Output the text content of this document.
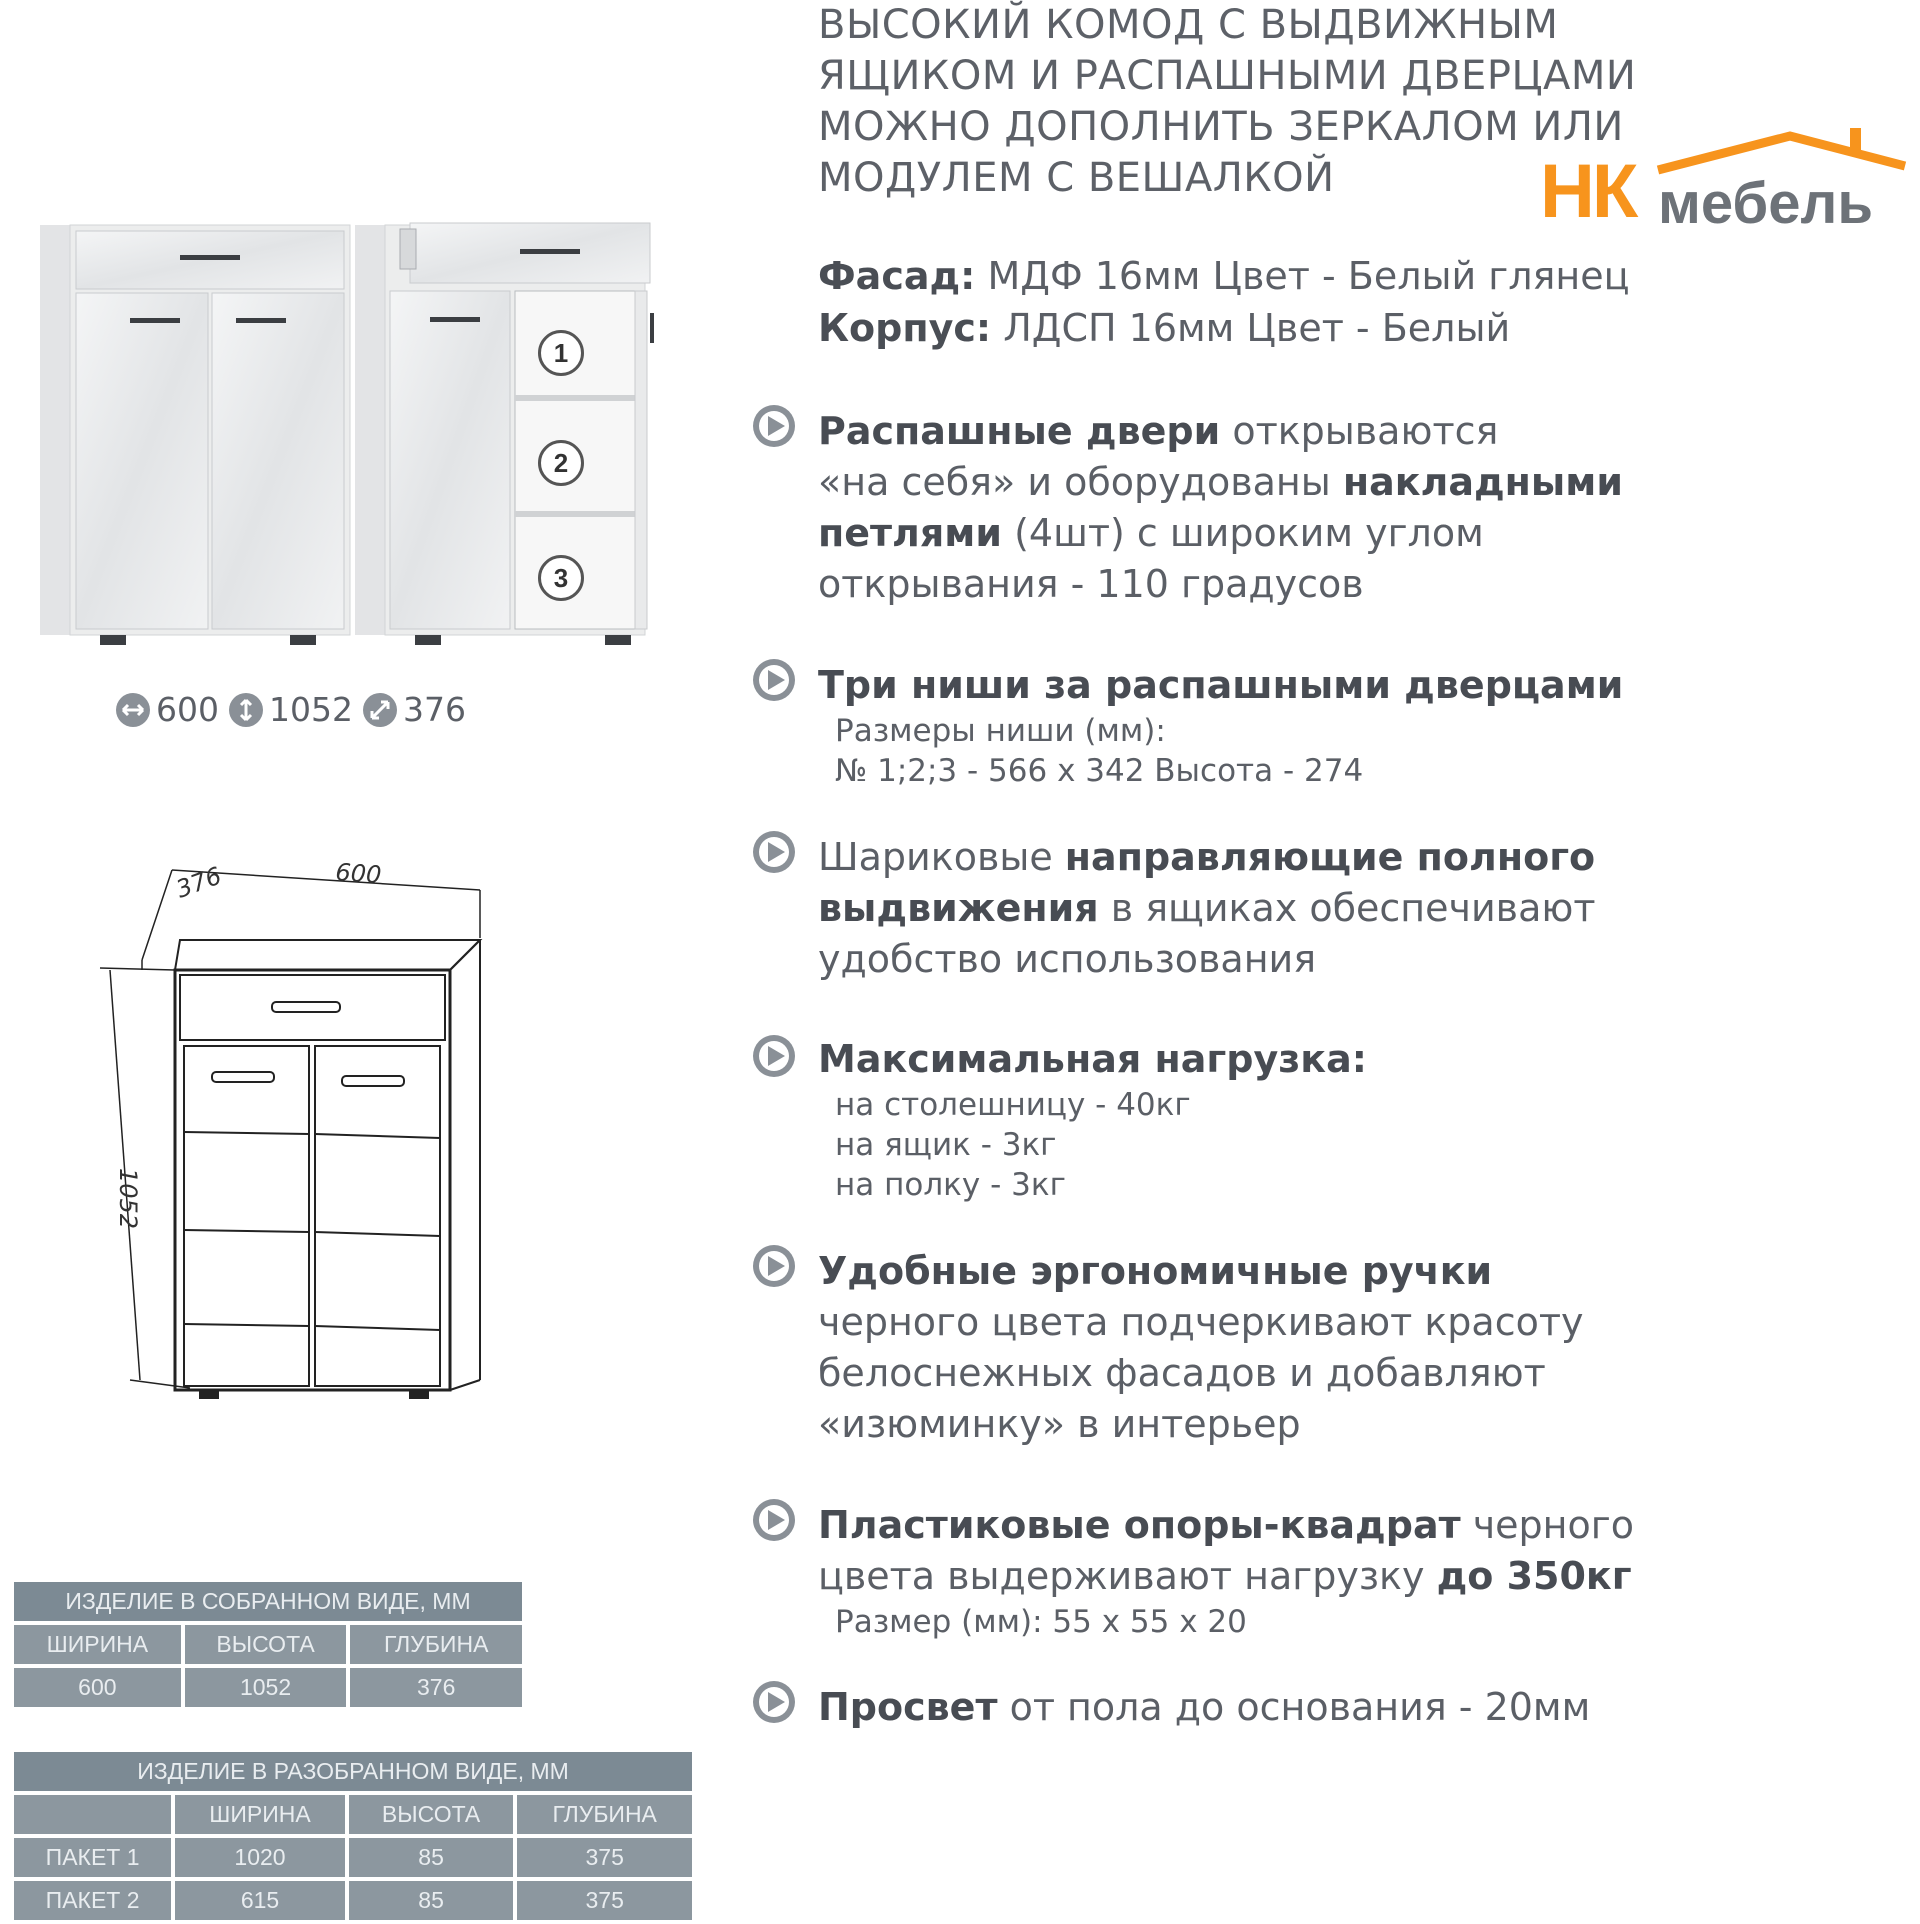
ВЫСОКИЙ КОМОД С ВЫДВИЖНЫМ
ЯЩИКОМ И РАСПАШНЫМИ ДВЕРЦАМИ
МОЖНО ДОПОЛНИТЬ ЗЕРКАЛОМ ИЛИ
МОДУЛЕМ С ВЕШАЛКОЙ	НК мебель
Фасад: МДФ 16мм Цвет - Белый глянец
Корпус: ЛДСП 16мм Цвет - Белый
Распашные двери открываются
«на себя» и оборудованы накладными
петлями (4шт) с широким углом
открывания - 110 градусов
Три ниши за распашными дверцами
Размеры ниши (мм):
№ 1;2;3 - 566 х 342 Высота - 274
Шариковые направляющие полного
выдвижения в ящиках обеспечивают
удобство использования
Максимальная нагрузка:
на столешницу - 40кг
на ящик - 3кг
на полку - 3кг
Удобные эргономичные ручки
черного цвета подчеркивают красоту
белоснежных фасадов и добавляют
«изюминку» в интерьер
Пластиковые опоры-квадрат черного
цвета выдерживают нагрузку до 350кг
Размер (мм): 55 х 55 х 20
Просвет от пола до основания - 20мм
1
2
3
600 1052 376
376	600
1052
ИЗДЕЛИЕ В СОБРАННОМ ВИДЕ, ММ		
ШИРИНА	ВЫСОТА	ГЛУБИНА
600	1052	376
ИЗДЕЛИЕ В РАЗОБРАННОМ ВИДЕ, ММ			
	ШИРИНА	ВЫСОТА	ГЛУБИНА
ПАКЕТ 1	1020	85	375
ПАКЕТ 2	615	85	375
